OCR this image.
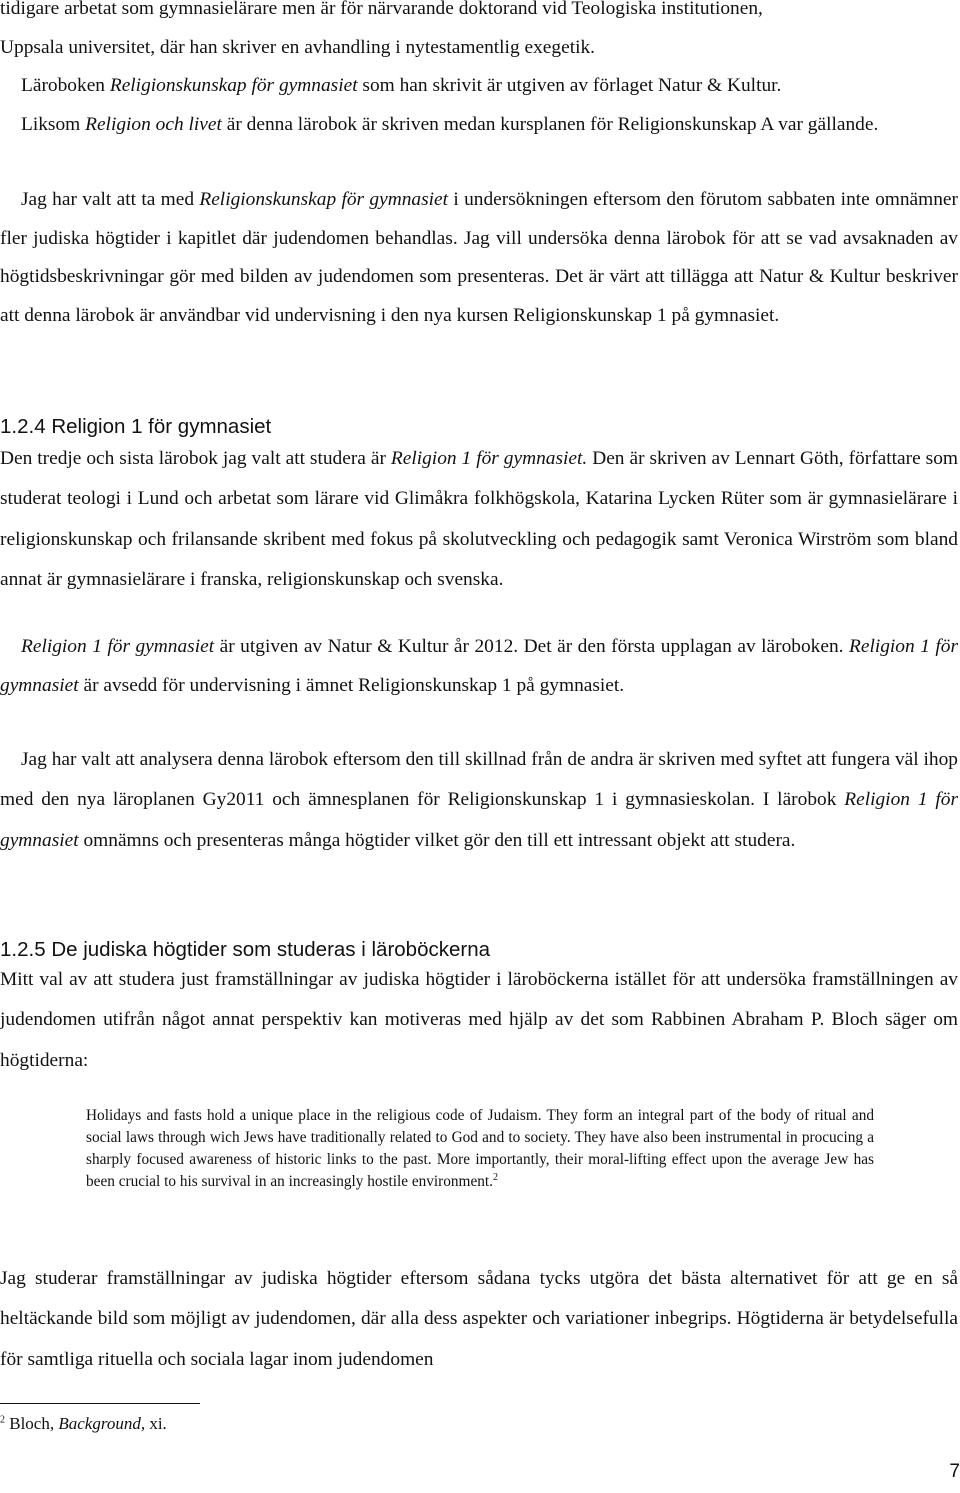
tidigare arbetat som gymnasielärare men är för närvarande doktorand vid Teologiska institutionen,
Uppsala universitet, där han skriver en avhandling i nytestamentlig exegetik.

Läroboken Religionskunskap för gymnasiet som han skrivit är utgiven av förlaget Natur & Kultur.

Liksom Religion och livet är denna lärobok är skriven medan kursplanen för Religionskunskap A var gällande.

Jag har valt att ta med Religionskunskap för gymnasiet i undersökningen eftersom den förutom sabbaten inte omnämner fler judiska högtider i kapitlet där judendomen behandlas. Jag vill undersöka denna lärobok för att se vad avsaknaden av högtidsbeskrivningar gör med bilden av judendomen som presenteras. Det är värt att tillägga att Natur & Kultur beskriver att denna lärobok är användbar vid undervisning i den nya kursen Religionskunskap 1 på gymnasiet.

1.2.4 Religion 1 för gymnasiet

Den tredje och sista lärobok jag valt att studera är Religion 1 för gymnasiet. Den är skriven av Lennart Göth, författare som studerat teologi i Lund och arbetat som lärare vid Glimåkra folkhögskola, Katarina Lycken Rüter som är gymnasielärare i religionskunskap och frilansande skribent med fokus på skolutveckling och pedagogik samt Veronica Wirström som bland annat är gymnasielärare i franska, religionskunskap och svenska.

Religion 1 för gymnasiet är utgiven av Natur & Kultur år 2012. Det är den första upplagan av läroboken. Religion 1 för gymnasiet är avsedd för undervisning i ämnet Religionskunskap 1 på gymnasiet.

Jag har valt att analysera denna lärobok eftersom den till skillnad från de andra är skriven med syftet att fungera väl ihop med den nya läroplanen Gy2011 och ämnesplanen för Religionskunskap 1 i gymnasieskolan. I lärobok Religion 1 för gymnasiet omnämns och presenteras många högtider vilket gör den till ett intressant objekt att studera.

1.2.5 De judiska högtider som studeras i läroböckerna

Mitt val av att studera just framställningar av judiska högtider i läroböckerna istället för att undersöka framställningen av judendomen utifrån något annat perspektiv kan motiveras med hjälp av det som Rabbinen Abraham P. Bloch säger om högtiderna:

Holidays and fasts hold a unique place in the religious code of Judaism. They form an integral part of the body of ritual and social laws through wich Jews have traditionally related to God and to society. They have also been instrumental in procucing a sharply focused awareness of historic links to the past. More importantly, their moral-lifting effect upon the average Jew has been crucial to his survival in an increasingly hostile environment.$^2$

Jag studerar framställningar av judiska högtider eftersom sådana tycks utgöra det bästa alternativet för att ge en så heltäckande bild som möjligt av judendomen, där alla dess aspekter och variationer inbegrips. Högtiderna är betydelsefulla för samtliga rituella och sociala lagar inom judendomen

$^2$ Bloch, Background, xi.

7
